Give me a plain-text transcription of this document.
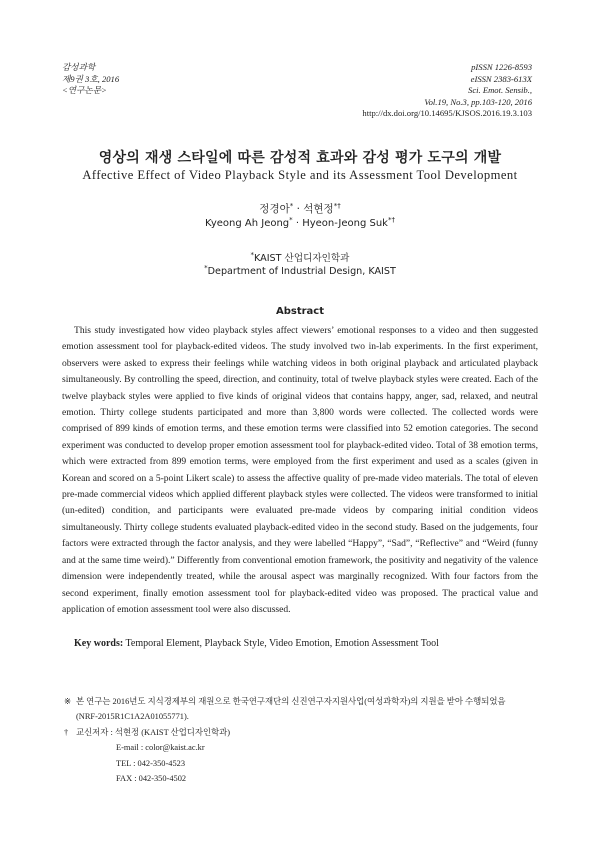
감성과학
제9권 3호, 2016
<연구논문>
pISSN 1226-8593
eISSN 2383-613X
Sci. Emot. Sensib.,
Vol.19, No.3, pp.103-120, 2016
http://dx.doi.org/10.14695/KJSOS.2016.19.3.103
영상의 재생 스타일에 따른 감성적 효과와 감성 평가 도구의 개발
Affective Effect of Video Playback Style and its Assessment Tool Development
정경아* · 석현정*†
Kyeong Ah Jeong* · Hyeon-Jeong Suk*†
*KAIST 산업디자인학과
*Department of Industrial Design, KAIST
Abstract

This study investigated how video playback styles affect viewers’ emotional responses to a video and then suggested emotion assessment tool for playback-edited videos. The study involved two in-lab experiments. In the first experiment, observers were asked to express their feelings while watching videos in both original playback and articulated playback simultaneously. By controlling the speed, direction, and continuity, total of twelve playback styles were created. Each of the twelve playback styles were applied to five kinds of original videos that contains happy, anger, sad, relaxed, and neutral emotion. Thirty college students participated and more than 3,800 words were collected. The collected words were comprised of 899 kinds of emotion terms, and these emotion terms were classified into 52 emotion categories. The second experiment was conducted to develop proper emotion assessment tool for playback-edited video. Total of 38 emotion terms, which were extracted from 899 emotion terms, were employed from the first experiment and used as a scales (given in Korean and scored on a 5-point Likert scale) to assess the affective quality of pre-made video materials. The total of eleven pre-made commercial videos which applied different playback styles were collected. The videos were transformed to initial (un-edited) condition, and participants were evaluated pre-made videos by comparing initial condition videos simultaneously. Thirty college students evaluated playback-edited video in the second study. Based on the judgements, four factors were extracted through the factor analysis, and they were labelled “Happy”, “Sad”, “Reflective” and “Weird (funny and at the same time weird).” Differently from conventional emotion framework, the positivity and negativity of the valence dimension were independently treated, while the arousal aspect was marginally recognized. With four factors from the second experiment, finally emotion assessment tool for playback-edited video was proposed. The practical value and application of emotion assessment tool were also discussed.

Key words: Temporal Element, Playback Style, Video Emotion, Emotion Assessment Tool
※ 본 연구는 2016년도 지식경제부의 재원으로 한국연구재단의 신진연구자지원사업(여성과학자)의 지원을 받아 수행되었음
(NRF-2015R1C1A2A01055771).
† 교신저자 : 석현정 (KAIST 산업디자인학과)
E-mail : color@kaist.ac.kr
TEL : 042-350-4523
FAX : 042-350-4502
